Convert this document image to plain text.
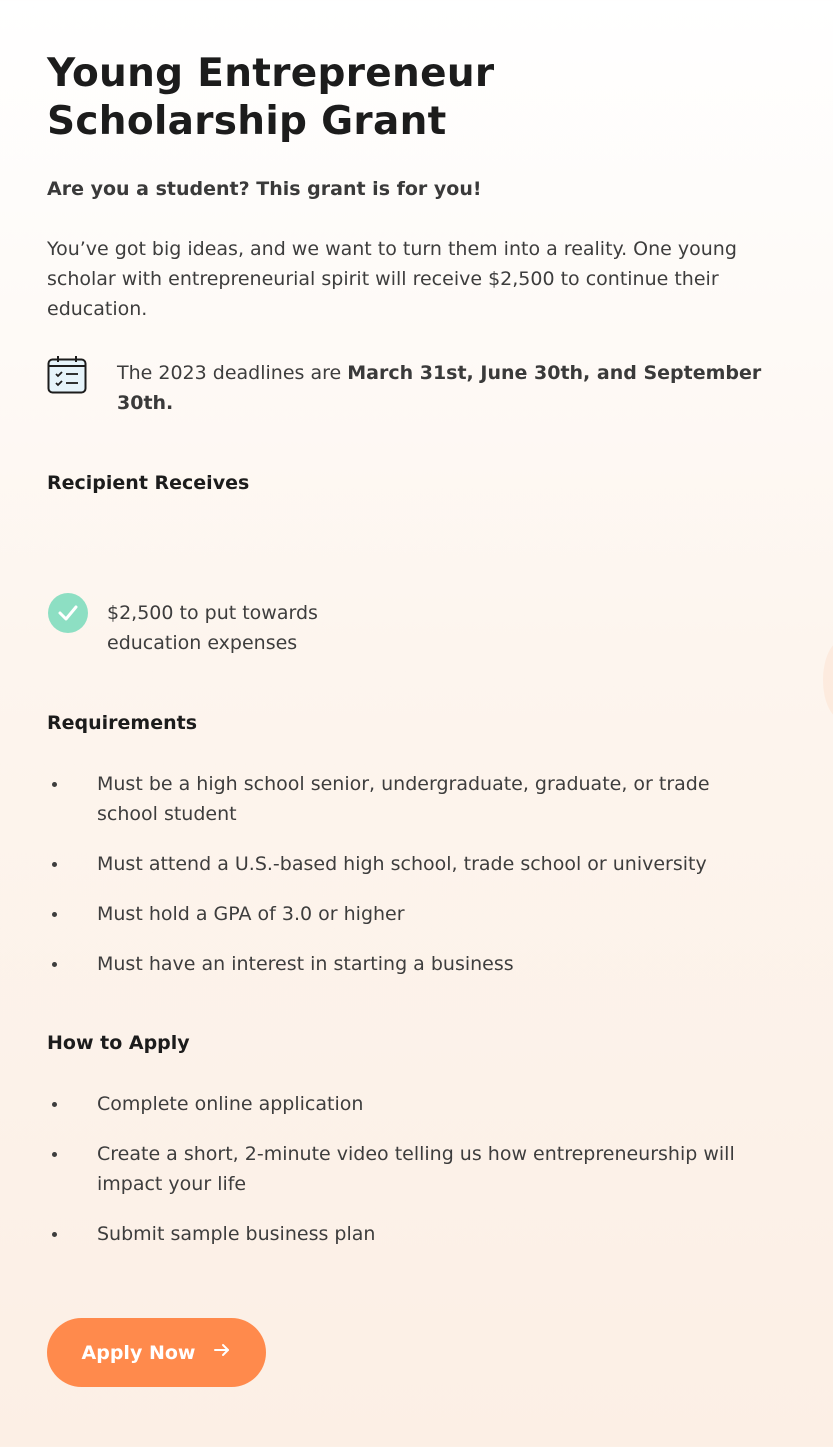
Young Entrepreneur Scholarship Grant

Are you a student? This grant is for you!

You’ve got big ideas, and we want to turn them into a reality. One young scholar with entrepreneurial spirit will receive $2,500 to continue their education.

The 2023 deadlines are March 31st, June 30th, and September 30th.

Recipient Receives

$2,500 to put towards education expenses

Requirements
Must be a high school senior, undergraduate, graduate, or trade school student
Must attend a U.S.-based high school, trade school or university
Must hold a GPA of 3.0 or higher
Must have an interest in starting a business
How to Apply
Complete online application
Create a short, 2-minute video telling us how entrepreneurship will impact your life
Submit sample business plan
Apply Now
